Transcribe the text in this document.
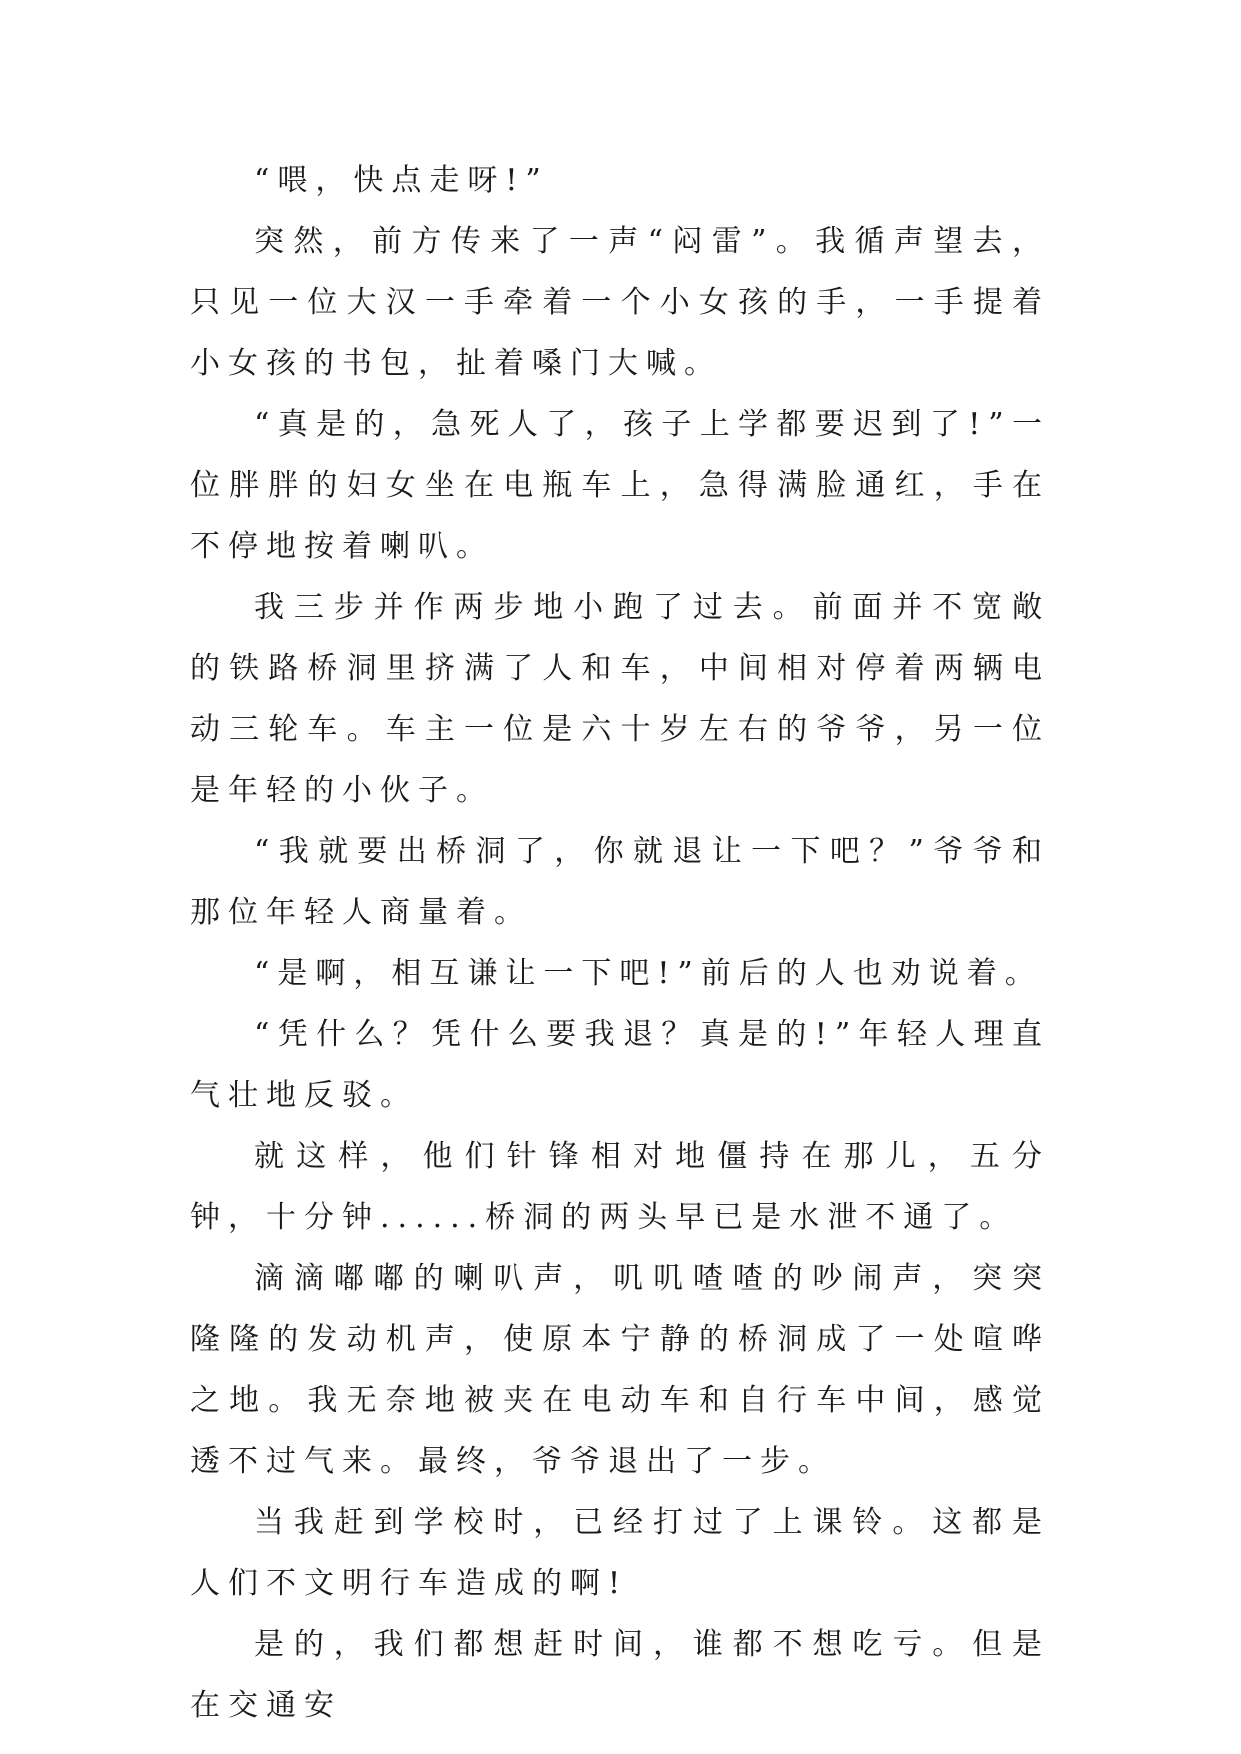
“喂，快点走呀!”

突然，前方传来了一声“闷雷”。我循声望去，只见一位大汉一手牵着一个小女孩的手，一手提着小女孩的书包，扯着嗓门大喊。

“真是的，急死人了，孩子上学都要迟到了!”一位胖胖的妇女坐在电瓶车上，急得满脸通红，手在不停地按着喇叭。

我三步并作两步地小跑了过去。前面并不宽敞的铁路桥洞里挤满了人和车，中间相对停着两辆电动三轮车。车主一位是六十岁左右的爷爷，另一位是年轻的小伙子。

“我就要出桥洞了，你就退让一下吧？”爷爷和那位年轻人商量着。

“是啊，相互谦让一下吧!”前后的人也劝说着。

“凭什么？凭什么要我退？真是的!”年轻人理直气壮地反驳。

就这样，他们针锋相对地僵持在那儿，五分钟，十分钟......桥洞的两头早已是水泄不通了。

滴滴嘟嘟的喇叭声，叽叽喳喳的吵闹声，突突隆隆的发动机声，使原本宁静的桥洞成了一处喧哗之地。我无奈地被夹在电动车和自行车中间，感觉透不过气来。最终，爷爷退出了一步。

当我赶到学校时，已经打过了上课铃。这都是人们不文明行车造成的啊!

是的，我们都想赶时间，谁都不想吃亏。但是在交通安
